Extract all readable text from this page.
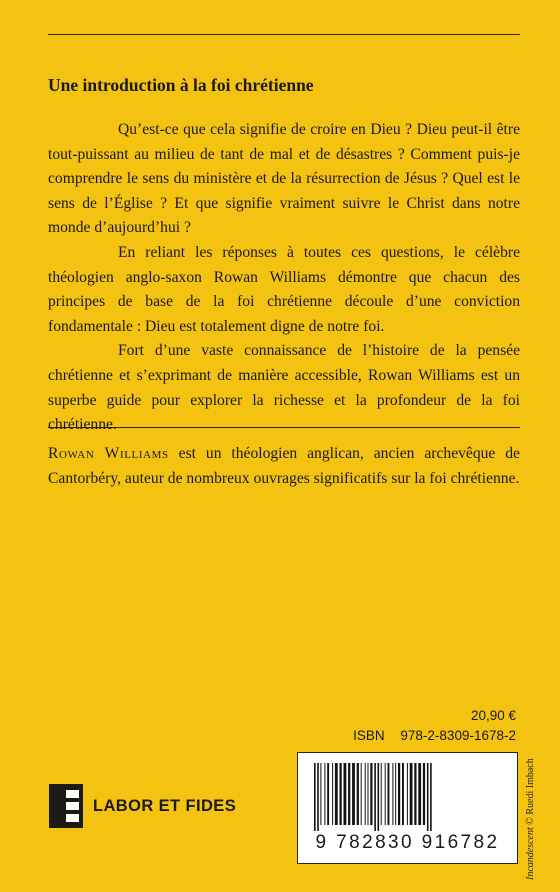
Une introduction à la foi chrétienne

Qu’est-ce que cela signifie de croire en Dieu ? Dieu peut-il être tout-puissant au milieu de tant de mal et de désastres ? Comment puis-je comprendre le sens du ministère et de la résurrection de Jésus ? Quel est le sens de l’Église ? Et que signifie vraiment suivre le Christ dans notre monde d’aujourd’hui ?

En reliant les réponses à toutes ces questions, le célèbre théologien anglo-saxon Rowan Williams démontre que chacun des principes de base de la foi chrétienne découle d’une conviction fondamentale : Dieu est totalement digne de notre foi.

Fort d’une vaste connaissance de l’histoire de la pensée chrétienne et s’exprimant de manière accessible, Rowan Williams est un superbe guide pour explorer la richesse et la profondeur de la foi chrétienne.

Rowan Williams est un théologien anglican, ancien archevêque de Cantorbéry, auteur de nombreux ouvrages significatifs sur la foi chrétienne.

20,90 €
ISBN 978-2-8309-1678-2
9 782830 916782	Incandescent © Ruedi Imbach
LABOR ET FIDES
